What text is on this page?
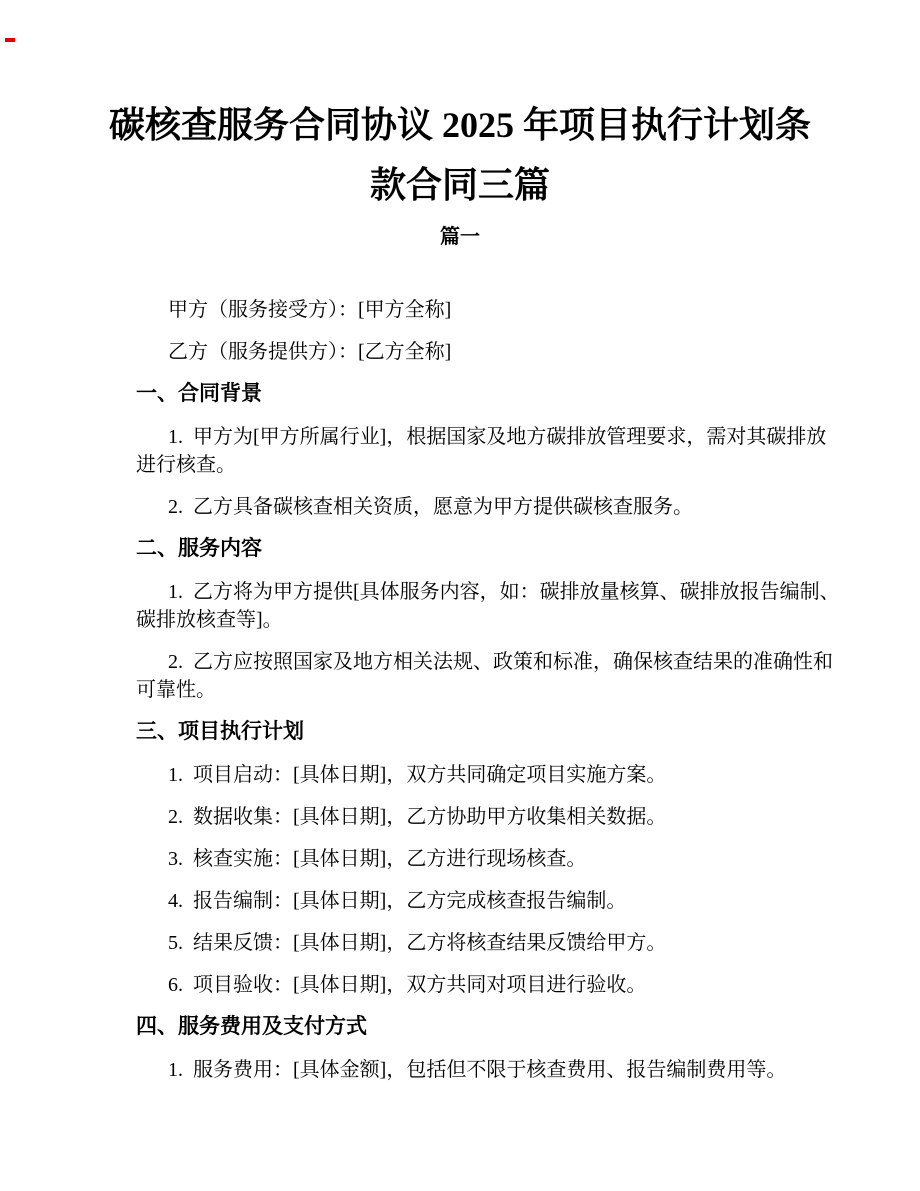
碳核查服务合同协议 2025 年项目执行计划条
款合同三篇
篇一
甲方（服务接受方）：[甲方全称]
乙方（服务提供方）：[乙方全称]
一、合同背景
1.  甲方为[甲方所属行业]，根据国家及地方碳排放管理要求，需对其碳排放
进行核查。
2.  乙方具备碳核查相关资质，愿意为甲方提供碳核查服务。
二、服务内容
1.  乙方将为甲方提供[具体服务内容，如：碳排放量核算、碳排放报告编制、
碳排放核查等]。
2.  乙方应按照国家及地方相关法规、政策和标准，确保核查结果的准确性和
可靠性。
三、项目执行计划
1.  项目启动：[具体日期]，双方共同确定项目实施方案。
2.  数据收集：[具体日期]，乙方协助甲方收集相关数据。
3.  核查实施：[具体日期]，乙方进行现场核查。
4.  报告编制：[具体日期]，乙方完成核查报告编制。
5.  结果反馈：[具体日期]，乙方将核查结果反馈给甲方。
6.  项目验收：[具体日期]，双方共同对项目进行验收。
四、服务费用及支付方式
1.  服务费用：[具体金额]，包括但不限于核查费用、报告编制费用等。
